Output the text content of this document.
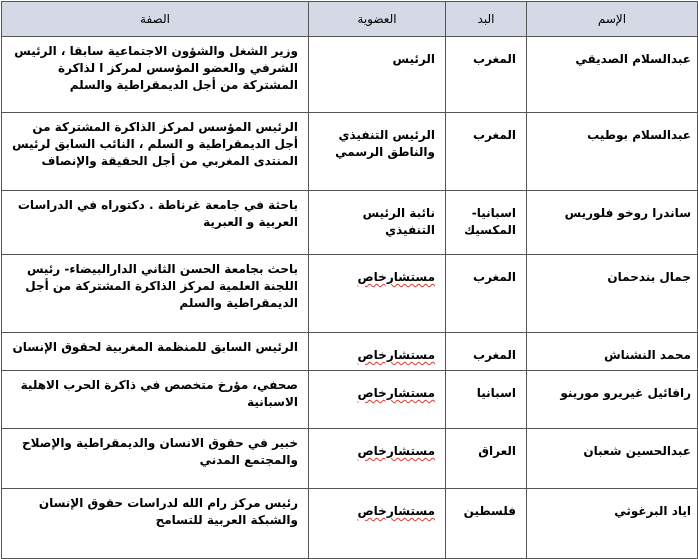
الإسم	البد	العضوية	الصفة
عبدالسلام الصديقي	المغرب	الرئيس	وزير الشغل والشؤون الاجتماعية سابقا ، الرئيس الشرفي والعضو المؤسس لمركز ا لذاكرة المشتركة من أجل الديمقراطية والسلم
عبدالسلام بوطيب	المغرب	الرئيس التنفيذي والناطق الرسمي	الرئيس المؤسس لمركز الذاكرة المشتركة من أجل الديمقراطية و السلم ، النائب السابق لرئيس المنتدى المغربي من أجل الحقيقة والإنصاف
ساندرا روخو فلوريس	اسبانيا- المكسيك	نائبة الرئيس التنفيذي	باحثة في جامعة غرناطة . دكتوراه في الدراسات العربية و العبرية
جمال بندحمان	المغرب	مستشارخاص	باحث بجامعة الحسن الثاني الدارالبيضاء- رئيس اللجنة العلمية لمركز الذاكرة المشتركة من أجل الديمقراطية والسلم
محمد النشناش	المغرب	مستشارخاص	الرئيس السابق للمنظمة المغربية لحقوق الإنسان
رافائيل غيريرو مورينو	اسبانيا	مستشارخاص	صحفي، مؤرخ متخصص في ذاكرة الحرب الاهلية الاسبانية
عبدالحسين شعبان	العراق	مستشارخاص	خبير في حقوق الانسان والديمقراطية والإصلاح والمجتمع المدني
اياد البرغوثي	فلسطين	مستشارخاص	رئيس مركز رام الله لدراسات حقوق الإنسان والشبكة العربية للتسامح
